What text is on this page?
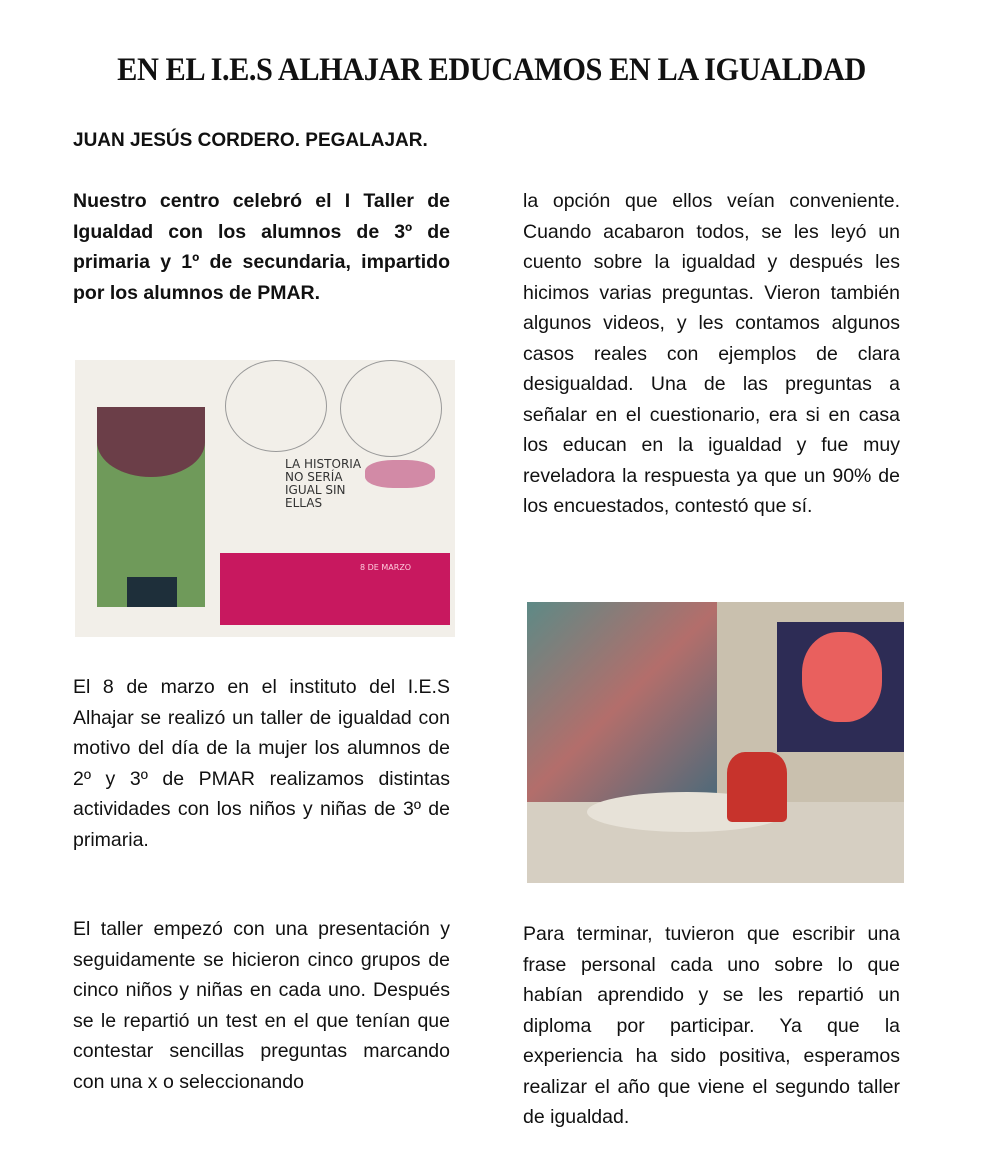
EN EL I.E.S ALHAJAR EDUCAMOS EN LA IGUALDAD
JUAN JESÚS CORDERO. PEGALAJAR.
Nuestro centro celebró el I Taller de Igualdad con los alumnos de 3º de primaria y 1º de secundaria, impartido por los alumnos de PMAR.
LA HISTORIA NO SERÍA IGUAL SIN ELLAS
8 DE MARZO
El 8 de marzo en el instituto del I.E.S Alhajar se realizó un taller de igualdad con motivo del día de la mujer los alumnos de 2º y 3º de PMAR realizamos distintas actividades con los niños y niñas de 3º de primaria.
El taller empezó con una presentación y seguidamente se hicieron cinco grupos de cinco niños y niñas en cada uno. Después se le repartió un test en el que tenían que contestar sencillas preguntas marcando con una x o seleccionando
la opción que ellos veían conveniente. Cuando acabaron todos, se les leyó un cuento sobre la igualdad y después les hicimos varias preguntas. Vieron también algunos videos, y les contamos algunos casos reales con ejemplos de clara desigualdad. Una de las preguntas a señalar en el cuestionario, era si en casa los educan en la igualdad y fue muy reveladora la respuesta ya que un 90% de los encuestados, contestó que sí.
Para terminar, tuvieron que escribir una frase personal cada uno sobre lo que habían aprendido y se les repartió un diploma por participar. Ya que la experiencia ha sido positiva, esperamos realizar el año que viene el segundo taller de igualdad.
